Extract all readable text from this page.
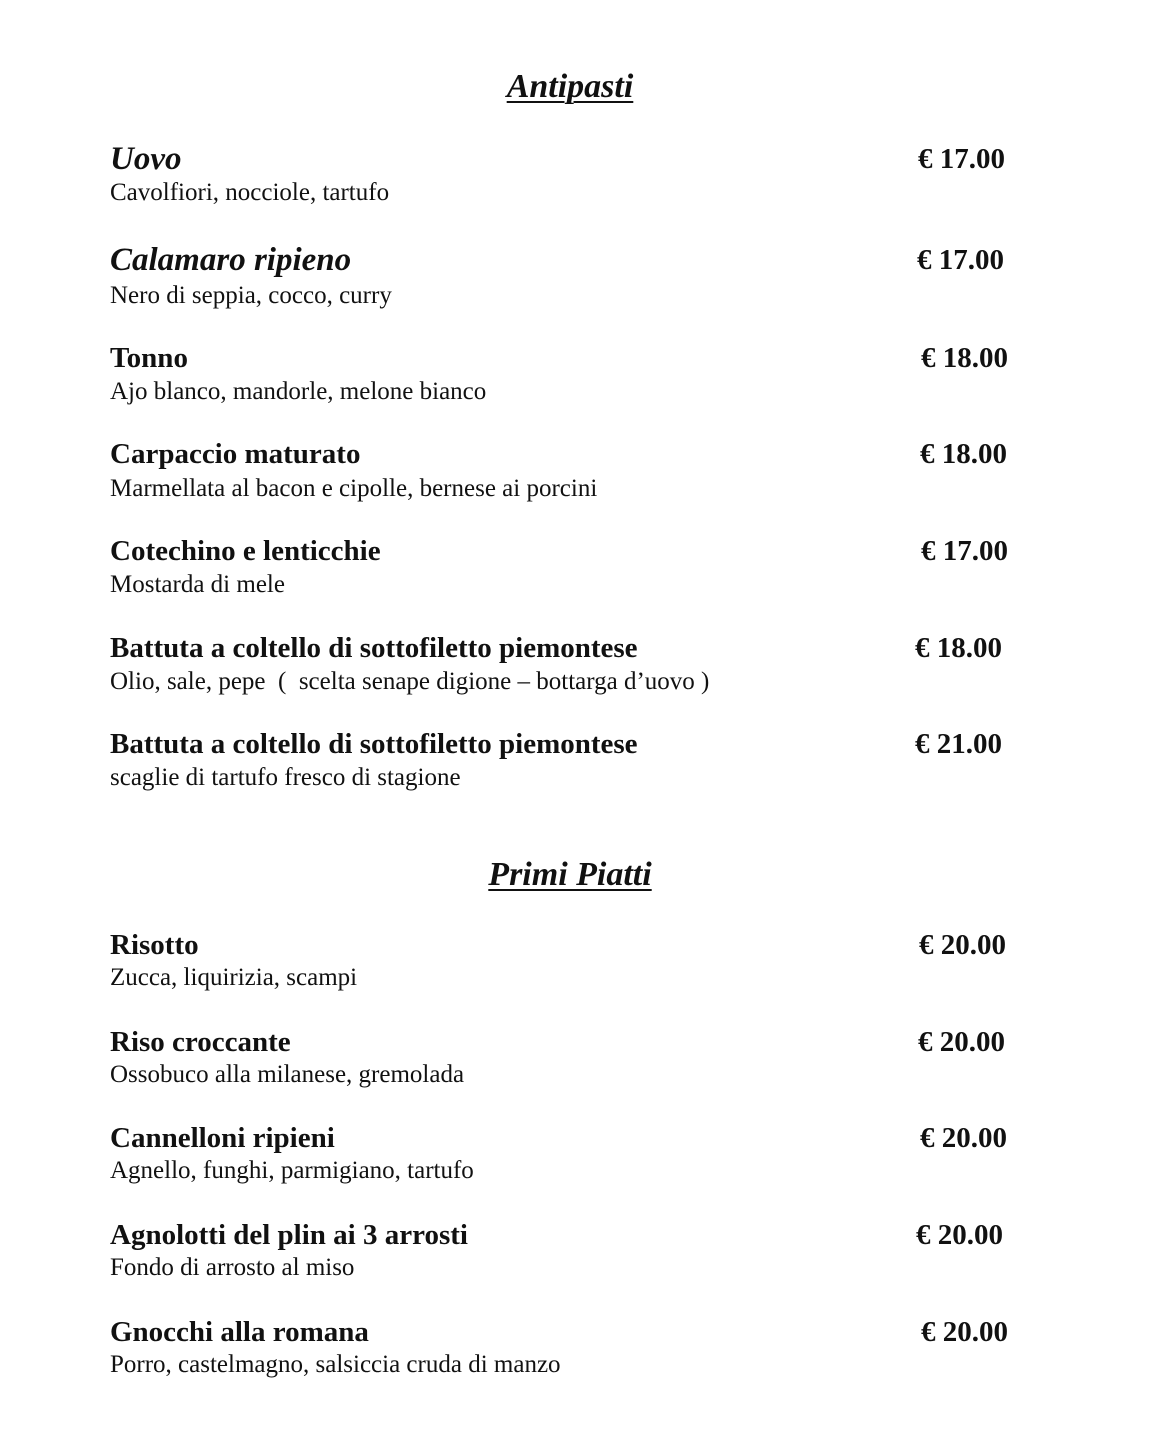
Antipasti
Uovo	€ 17.00
Cavolfiori, nocciole, tartufo
Calamaro ripieno	€ 17.00
Nero di seppia, cocco, curry
Tonno	€ 18.00
Ajo blanco, mandorle, melone bianco
Carpaccio maturato	€ 18.00
Marmellata al bacon e cipolle, bernese ai porcini
Cotechino e lenticchie	€ 17.00
Mostarda di mele
Battuta a coltello di sottofiletto piemontese	€ 18.00
Olio, sale, pepe  (  scelta senape digione – bottarga d’uovo )
Battuta a coltello di sottofiletto piemontese	€ 21.00
scaglie di tartufo fresco di stagione
Primi Piatti
Risotto	€ 20.00
Zucca, liquirizia, scampi
Riso croccante	€ 20.00
Ossobuco alla milanese, gremolada
Cannelloni ripieni	€ 20.00
Agnello, funghi, parmigiano, tartufo
Agnolotti del plin ai 3 arrosti	€ 20.00
Fondo di arrosto al miso
Gnocchi alla romana	€ 20.00
Porro, castelmagno, salsiccia cruda di manzo
